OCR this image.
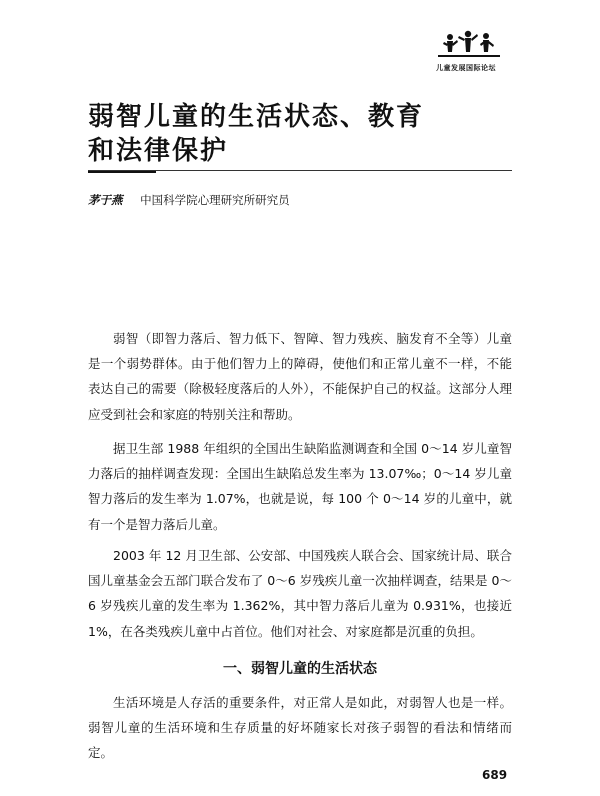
儿童发展国际论坛
弱智儿童的生活状态、教育
和法律保护
茅于燕 中国科学院心理研究所研究员

弱智（即智力落后、智力低下、智障、智力残疾、脑发育不全等）儿童是一个弱势群体。由于他们智力上的障碍，使他们和正常儿童不一样，不能表达自己的需要（除极轻度落后的人外），不能保护自己的权益。这部分人理应受到社会和家庭的特别关注和帮助。

据卫生部 1988 年组织的全国出生缺陷监测调查和全国 0～14 岁儿童智力落后的抽样调查发现：全国出生缺陷总发生率为 13.07‰；0～14 岁儿童智力落后的发生率为 1.07%，也就是说，每 100 个 0～14 岁的儿童中，就有一个是智力落后儿童。

2003 年 12 月卫生部、公安部、中国残疾人联合会、国家统计局、联合国儿童基金会五部门联合发布了 0～6 岁残疾儿童一次抽样调查，结果是 0～6 岁残疾儿童的发生率为 1.362%，其中智力落后儿童为 0.931%，也接近 1%，在各类残疾儿童中占首位。他们对社会、对家庭都是沉重的负担。

一、弱智儿童的生活状态

生活环境是人存活的重要条件，对正常人是如此，对弱智人也是一样。弱智儿童的生活环境和生存质量的好坏随家长对孩子弱智的看法和情绪而定。

689
